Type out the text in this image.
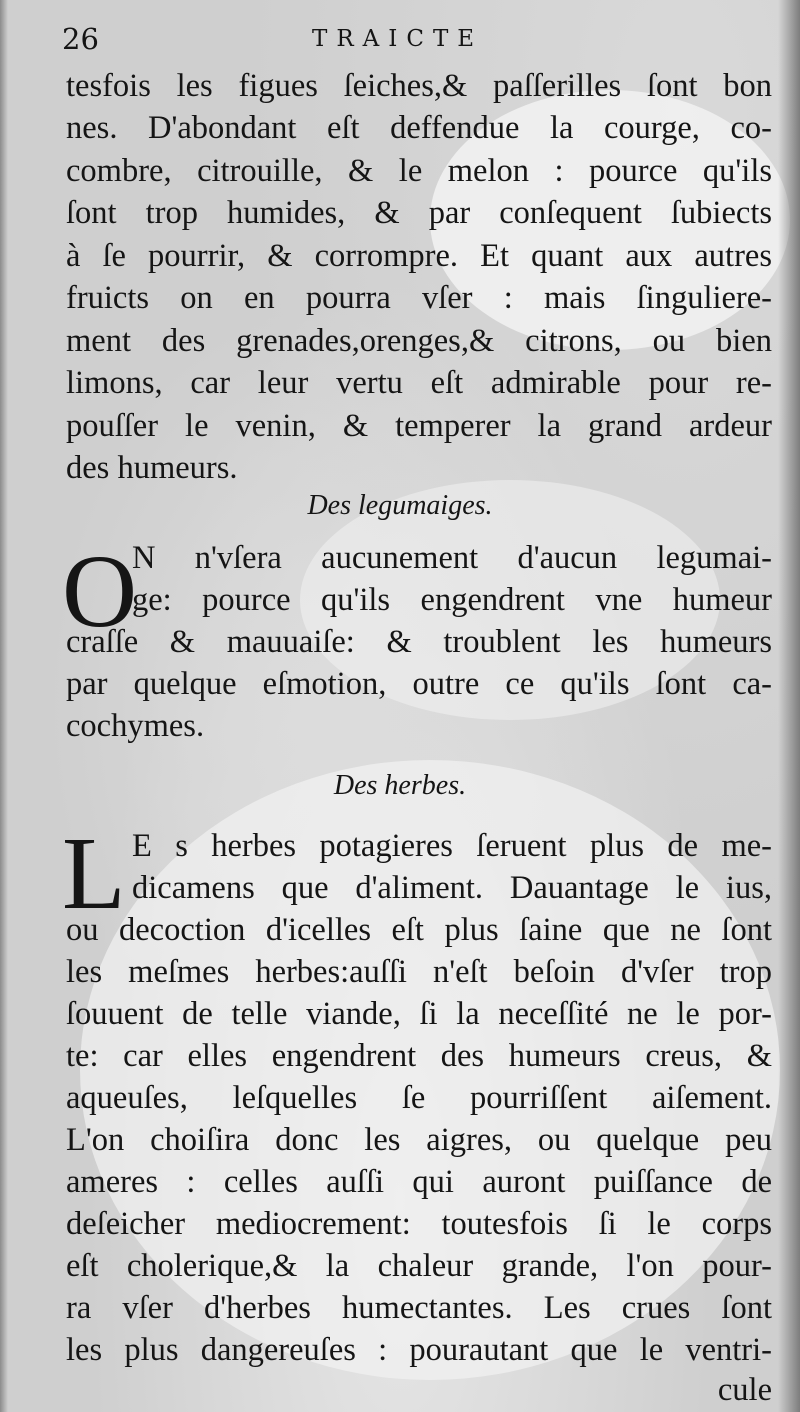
26	TRAICTE
tesfois les figues ſeiches,& paſſerilles ſont bon
nes. D'abondant eſt deffendue la courge, co-
combre, citrouille, & le melon : pource qu'ils
ſont trop humides, & par conſequent ſubiects
à ſe pourrir, & corrompre. Et quant aux autres
fruicts on en pourra vſer : mais ſinguliere-
ment des grenades,orenges,& citrons, ou bien
limons, car leur vertu eſt admirable pour re-
pouſſer le venin, & temperer la grand ardeur
des humeurs.
Des legumaiges.
O
N n'vſera aucunement d'aucun legumai-
ge: pource qu'ils engendrent vne humeur
craſſe & mauuaiſe: & troublent les humeurs
par quelque eſmotion, outre ce qu'ils ſont ca-
cochymes.
Des herbes.
L E s herbes potagieres ſeruent plus de me-
dicamens que d'aliment. Dauantage le ius,
ou decoction d'icelles eſt plus ſaine que ne ſont
les meſmes herbes:auſſi n'eſt beſoin d'vſer trop
ſouuent de telle viande, ſi la neceſſité ne le por-
te: car elles engendrent des humeurs creus, &
aqueuſes, leſquelles ſe pourriſſent aiſement.
L'on choiſira donc les aigres, ou quelque peu
ameres : celles auſſi qui auront puiſſance de
deſeicher mediocrement: toutesfois ſi le corps
eſt cholerique,& la chaleur grande, l'on pour-
ra vſer d'herbes humectantes. Les crues ſont
les plus dangereuſes : pourautant que le ventri-
cule
